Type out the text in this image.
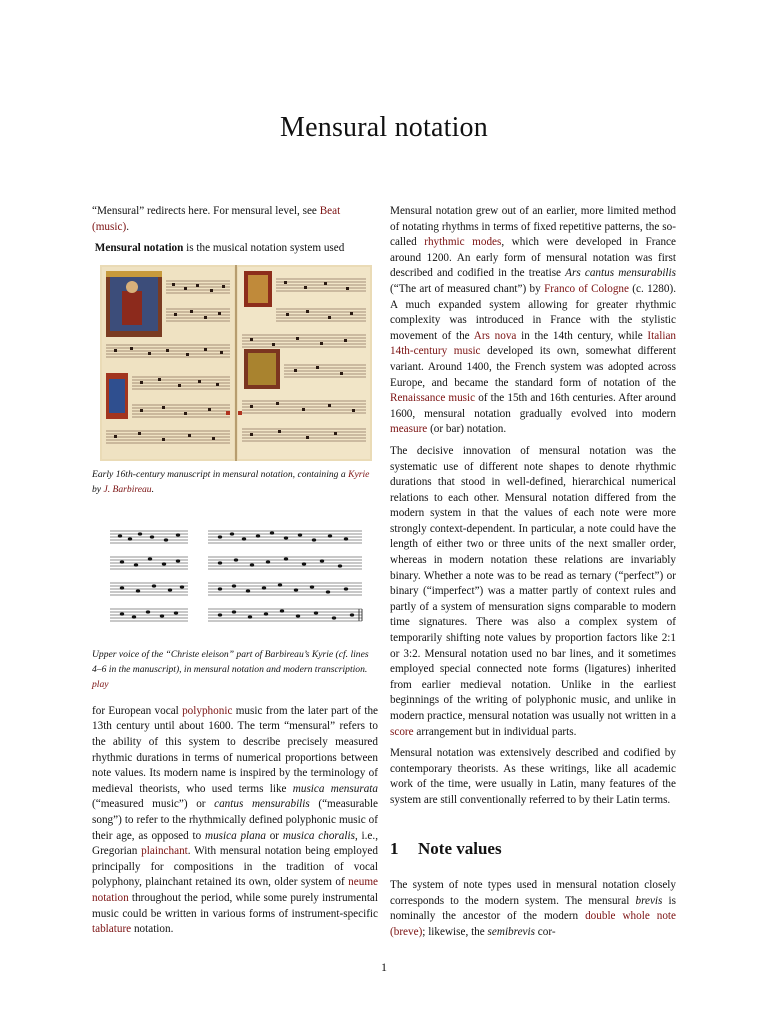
Mensural notation

“Mensural” redirects here. For mensural level, see Beat (music).

Mensural notation is the musical notation system used

Early 16th-century manuscript in mensural notation, containing a Kyrie by J. Barbireau.
Upper voice of the “Christe eleison” part of Barbireau’s Kyrie (cf. lines 4–6 in the manuscript), in mensural notation and modern transcription. play

for European vocal polyphonic music from the later part of the 13th century until about 1600. The term “mensural” refers to the ability of this system to describe precisely measured rhythmic durations in terms of numerical proportions between note values. Its modern name is inspired by the terminology of medieval theorists, who used terms like musica mensurata (“measured music”) or cantus mensurabilis (“measurable song”) to refer to the rhythmically defined polyphonic music of their age, as opposed to musica plana or musica choralis, i.e., Gregorian plainchant. With mensural notation being employed principally for compositions in the tradition of vocal polyphony, plainchant retained its own, older system of neume notation throughout the period, while some purely instrumental music could be written in various forms of instrument-specific tablature notation.

Mensural notation grew out of an earlier, more limited method of notating rhythms in terms of fixed repetitive patterns, the so-called rhythmic modes, which were developed in France around 1200. An early form of mensural notation was first described and codified in the treatise Ars cantus mensurabilis (“The art of measured chant”) by Franco of Cologne (c. 1280). A much expanded system allowing for greater rhythmic complexity was introduced in France with the stylistic movement of the Ars nova in the 14th century, while Italian 14th-century music developed its own, somewhat different variant. Around 1400, the French system was adopted across Europe, and became the standard form of notation of the Renaissance music of the 15th and 16th centuries. After around 1600, mensural notation gradually evolved into modern measure (or bar) notation.

The decisive innovation of mensural notation was the systematic use of different note shapes to denote rhythmic durations that stood in well-defined, hierarchical numerical relations to each other. Mensural notation differed from the modern system in that the values of each note were more strongly context-dependent. In particular, a note could have the length of either two or three units of the next smaller order, whereas in modern notation these relations are invariably binary. Whether a note was to be read as ternary (“perfect”) or binary (“imperfect”) was a matter partly of context rules and partly of a system of mensuration signs comparable to modern time signatures. There was also a complex system of temporarily shifting note values by proportion factors like 2:1 or 3:2. Mensural notation used no bar lines, and it sometimes employed special connected note forms (ligatures) inherited from earlier medieval notation. Unlike in the earliest beginnings of the writing of polyphonic music, and unlike in modern practice, mensural notation was usually not written in a score arrangement but in individual parts.

Mensural notation was extensively described and codified by contemporary theorists. As these writings, like all academic work of the time, were usually in Latin, many features of the system are still conventionally referred to by their Latin terms.

1 Note values

The system of note types used in mensural notation closely corresponds to the modern system. The mensural brevis is nominally the ancestor of the modern double whole note (breve); likewise, the semibrevis cor-

1
